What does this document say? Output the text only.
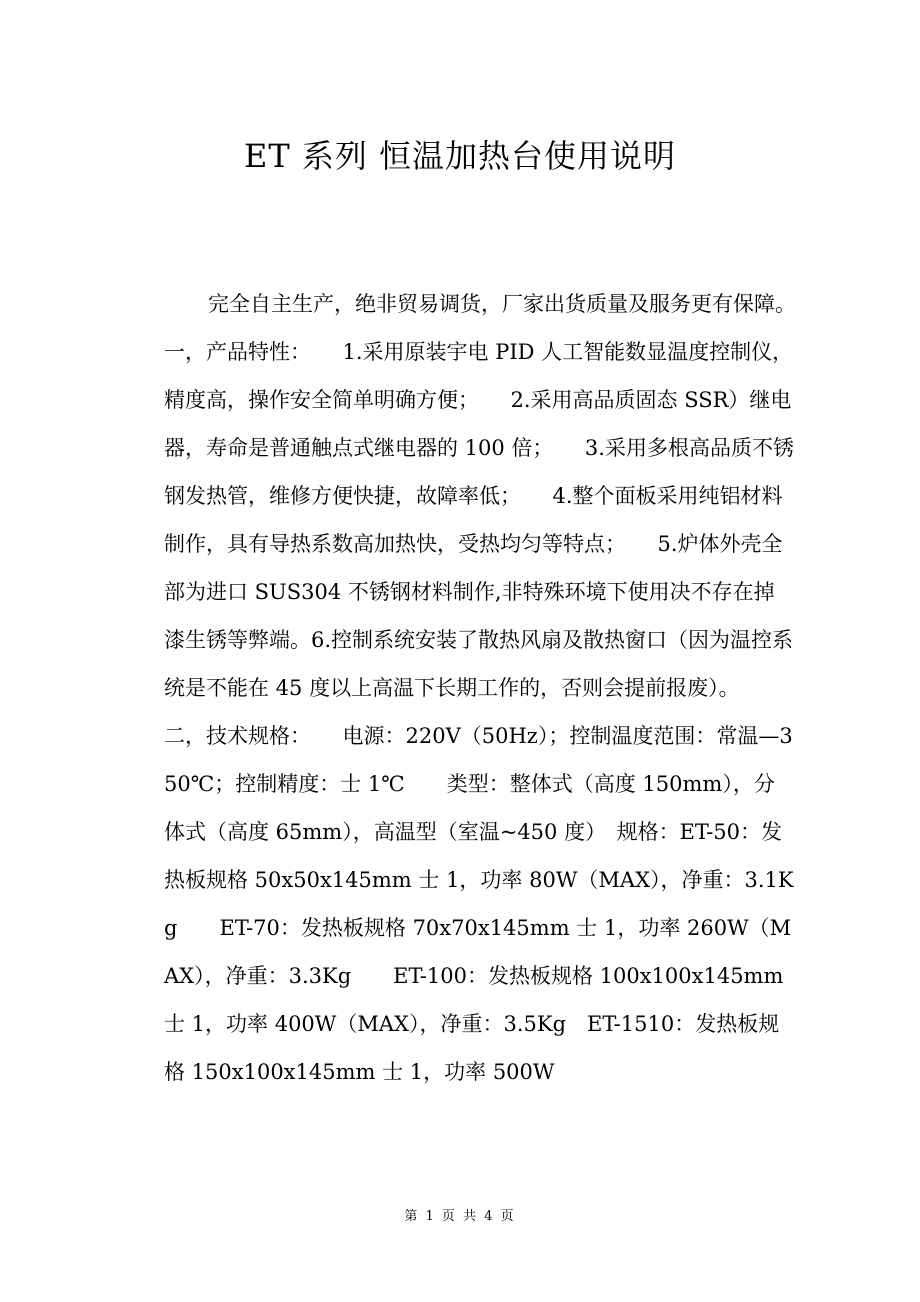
ET 系列 恒温加热台使用说明

完全自主生产，绝非贸易调货，厂家出货质量及服务更有保障。　　一，产品特性：　　1.采用原装宇电 PID 人工智能数显温度控制仪，精度高，操作安全简单明确方便；　　2.采用高品质固态 SSR）继电器，寿命是普通触点式继电器的 100 倍；　　3.采用多根高品质不锈钢发热管，维修方便快捷，故障率低；　　4.整个面板采用纯铝材料制作，具有导热系数高加热快，受热均匀等特点；　　5.炉体外壳全部为进口 SUS304 不锈钢材料制作,非特殊环境下使用决不存在掉漆生锈等弊端。6.控制系统安装了散热风扇及散热窗口（因为温控系统是不能在 45 度以上高温下长期工作的，否则会提前报废）。

二，技术规格：　　电源：220V（50Hz）；控制温度范围：常温—350℃；控制精度：士 1℃　　类型：整体式（高度 150mm），分体式（高度 65mm），高温型（室温~450 度）　规格：ET-50：发热板规格 50x50x145mm 士 1，功率 80W（MAX），净重：3.1Kg　　ET-70：发热板规格 70x70x145mm 士 1，功率 260W（MAX），净重：3.3Kg　　ET-100：发热板规格 100x100x145mm 士 1，功率 400W（MAX），净重：3.5Kg　ET-1510：发热板规格 150x100x145mm 士 1，功率 500W

第 1 页 共 4 页
